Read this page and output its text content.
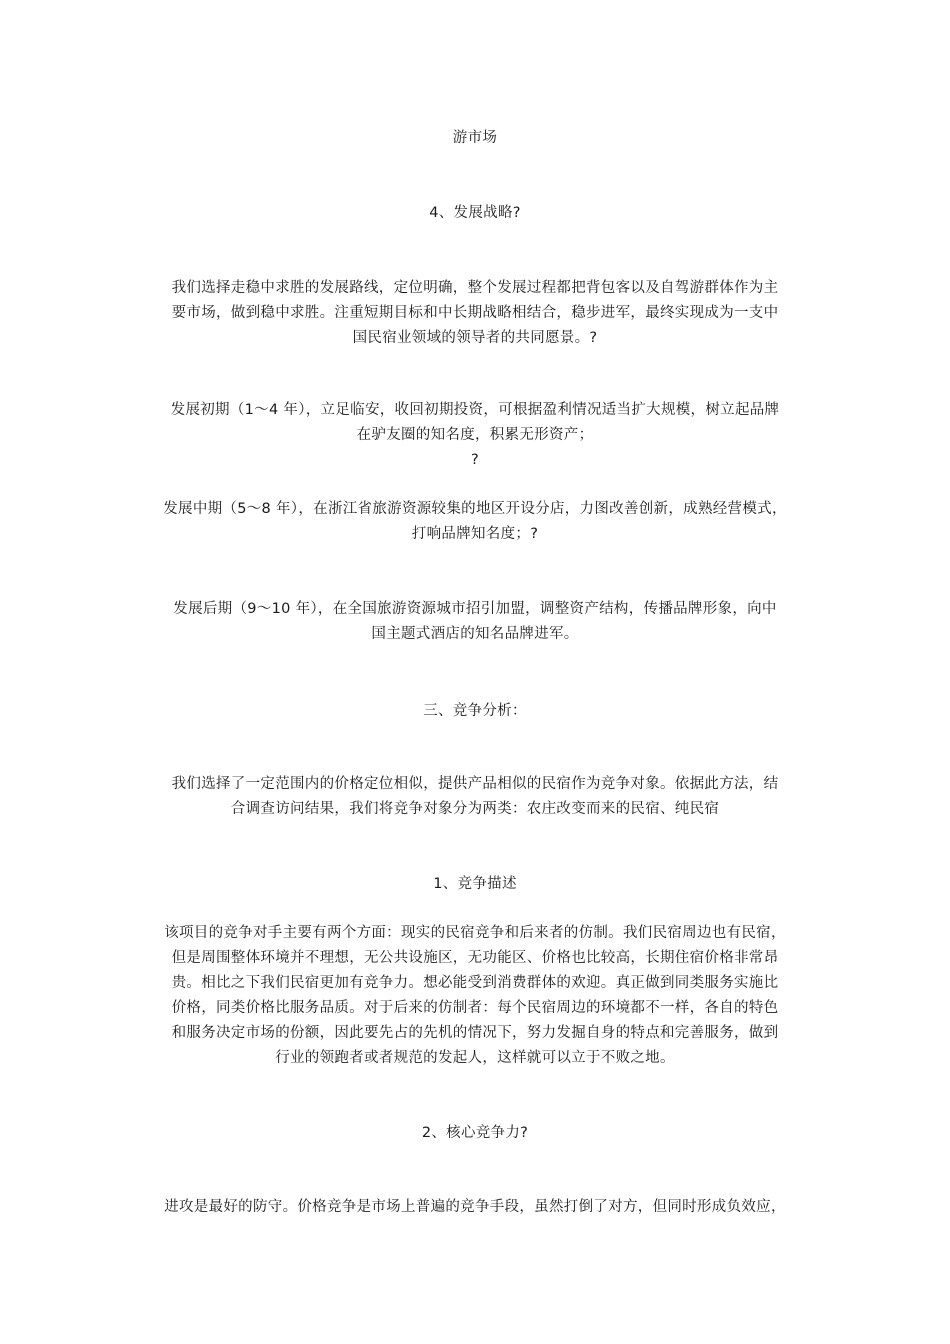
游市场
4、发展战略?
我们选择走稳中求胜的发展路线，定位明确，整个发展过程都把背包客以及自驾游群体作为主
要市场，做到稳中求胜。注重短期目标和中长期战略相结合，稳步进军，最终实现成为一支中
国民宿业领域的领导者的共同愿景。?
发展初期（1～4 年），立足临安，收回初期投资，可根据盈利情况适当扩大规模，树立起品牌
在驴友圈的知名度，积累无形资产；
?
发展中期（5～8 年），在浙江省旅游资源较集的地区开设分店，力图改善创新，成熟经营模式，
打响品牌知名度；?
发展后期（9～10 年），在全国旅游资源城市招引加盟，调整资产结构，传播品牌形象，向中
国主题式酒店的知名品牌进军。
三、竞争分析：
我们选择了一定范围内的价格定位相似，提供产品相似的民宿作为竞争对象。依据此方法，结
合调查访问结果，我们将竞争对象分为两类：农庄改变而来的民宿、纯民宿
1、竞争描述
该项目的竞争对手主要有两个方面：现实的民宿竞争和后来者的仿制。我们民宿周边也有民宿，
但是周围整体环境并不理想，无公共设施区，无功能区、价格也比较高，长期住宿价格非常昂
贵。相比之下我们民宿更加有竞争力。想必能受到消费群体的欢迎。真正做到同类服务实施比
价格，同类价格比服务品质。对于后来的仿制者：每个民宿周边的环境都不一样，各自的特色
和服务决定市场的份额，因此要先占的先机的情况下，努力发掘自身的特点和完善服务，做到
行业的领跑者或者规范的发起人，这样就可以立于不败之地。
2、核心竞争力?
进攻是最好的防守。价格竞争是市场上普遍的竞争手段，虽然打倒了对方，但同时形成负效应，
